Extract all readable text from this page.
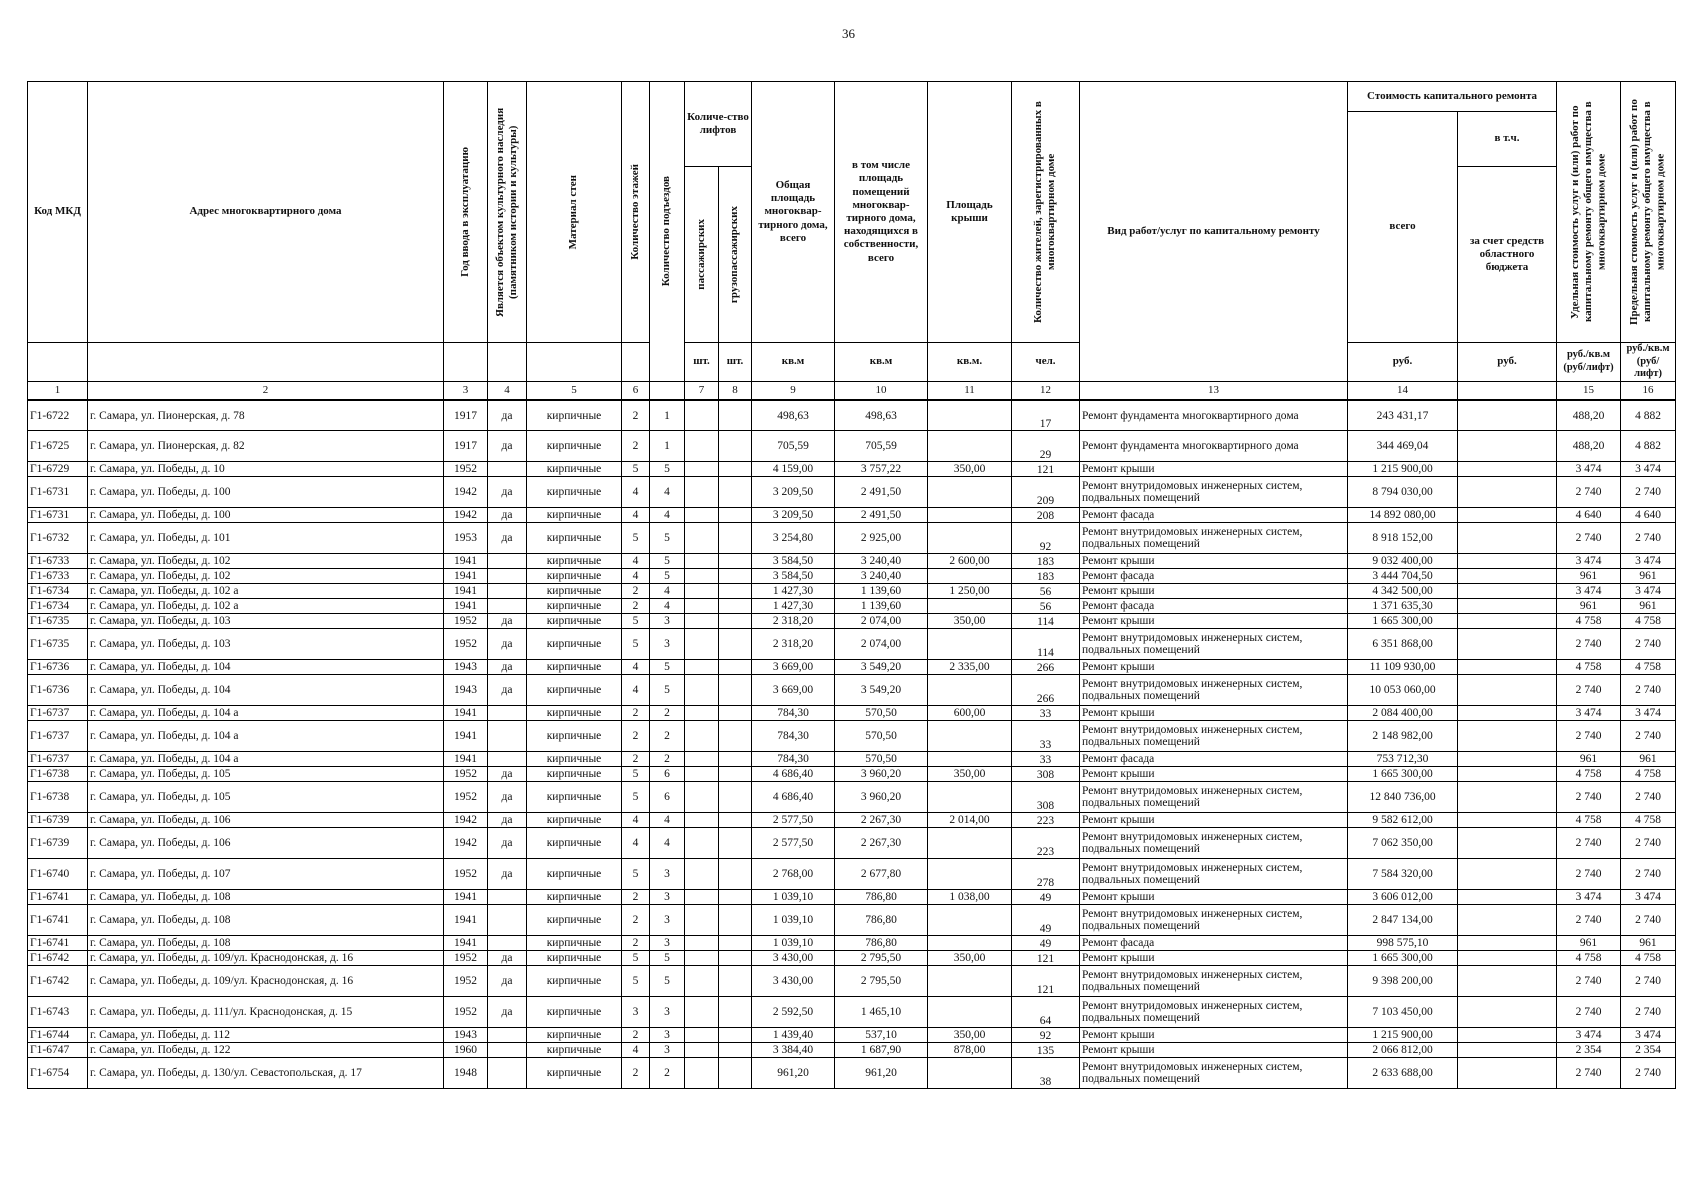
36
Код МКД	Адрес многоквартирного дома	Год ввода в эксплуатацию	Является объектом культурного наследия (памятником истории и культуры)	Материал стен	Количество этажей	Количество подъездов	Количе-ство лифтов		Общая площадь многоквар-тирного дома, всего	в том числе площадь помещений многоквар-тирного дома, находящихся в собственности, всего	Площадь крыши	Количество жителей, зарегистрированных в многоквартирном доме	Вид работ/услуг по капитальному ремонту	Стоимость капитального ремонта		Удельная стоимость услуг и (или) работ по капитальному ремонту общего имущества в многоквартирном доме	Предельная стоимость услуг и (или) работ по капитальному ремонту общего имущества в многоквартирном доме

														всего	в т.ч.		

							пассажирских	грузопассажирских							за счет средств областного бюджета		
							шт.	шт.	кв.м	кв.м	кв.м.	чел.		руб.	руб.	руб./кв.м (руб/лифт)	руб./кв.м (руб/лифт)
1	2	3	4	5	6		7	8	9	10	11	12	13	14		15	16
Г1-6722	г. Самара, ул. Пионерская, д. 78	1917	да	кирпичные	2	1			498,63	498,63		17	Ремонт фундамента многоквартирного дома	243 431,17		488,20	4 882
Г1-6725	г. Самара, ул. Пионерская, д. 82	1917	да	кирпичные	2	1			705,59	705,59		29	Ремонт фундамента многоквартирного дома	344 469,04		488,20	4 882
Г1-6729	г. Самара, ул. Победы, д. 10	1952		кирпичные	5	5			4 159,00	3 757,22	350,00	121	Ремонт крыши	1 215 900,00		3 474	3 474
Г1-6731	г. Самара, ул. Победы, д. 100	1942	да	кирпичные	4	4			3 209,50	2 491,50		209	Ремонт внутридомовых инженерных систем, подвальных помещений	8 794 030,00		2 740	2 740
Г1-6731	г. Самара, ул. Победы, д. 100	1942	да	кирпичные	4	4			3 209,50	2 491,50		208	Ремонт фасада	14 892 080,00		4 640	4 640
Г1-6732	г. Самара, ул. Победы, д. 101	1953	да	кирпичные	5	5			3 254,80	2 925,00		92	Ремонт внутридомовых инженерных систем, подвальных помещений	8 918 152,00		2 740	2 740
Г1-6733	г. Самара, ул. Победы, д. 102	1941		кирпичные	4	5			3 584,50	3 240,40	2 600,00	183	Ремонт крыши	9 032 400,00		3 474	3 474
Г1-6733	г. Самара, ул. Победы, д. 102	1941		кирпичные	4	5			3 584,50	3 240,40		183	Ремонт фасада	3 444 704,50		961	961
Г1-6734	г. Самара, ул. Победы, д. 102 а	1941		кирпичные	2	4			1 427,30	1 139,60	1 250,00	56	Ремонт крыши	4 342 500,00		3 474	3 474
Г1-6734	г. Самара, ул. Победы, д. 102 а	1941		кирпичные	2	4			1 427,30	1 139,60		56	Ремонт фасада	1 371 635,30		961	961
Г1-6735	г. Самара, ул. Победы, д. 103	1952	да	кирпичные	5	3			2 318,20	2 074,00	350,00	114	Ремонт крыши	1 665 300,00		4 758	4 758
Г1-6735	г. Самара, ул. Победы, д. 103	1952	да	кирпичные	5	3			2 318,20	2 074,00		114	Ремонт внутридомовых инженерных систем, подвальных помещений	6 351 868,00		2 740	2 740
Г1-6736	г. Самара, ул. Победы, д. 104	1943	да	кирпичные	4	5			3 669,00	3 549,20	2 335,00	266	Ремонт крыши	11 109 930,00		4 758	4 758
Г1-6736	г. Самара, ул. Победы, д. 104	1943	да	кирпичные	4	5			3 669,00	3 549,20		266	Ремонт внутридомовых инженерных систем, подвальных помещений	10 053 060,00		2 740	2 740
Г1-6737	г. Самара, ул. Победы, д. 104 а	1941		кирпичные	2	2			784,30	570,50	600,00	33	Ремонт крыши	2 084 400,00		3 474	3 474
Г1-6737	г. Самара, ул. Победы, д. 104 а	1941		кирпичные	2	2			784,30	570,50		33	Ремонт внутридомовых инженерных систем, подвальных помещений	2 148 982,00		2 740	2 740
Г1-6737	г. Самара, ул. Победы, д. 104 а	1941		кирпичные	2	2			784,30	570,50		33	Ремонт фасада	753 712,30		961	961
Г1-6738	г. Самара, ул. Победы, д. 105	1952	да	кирпичные	5	6			4 686,40	3 960,20	350,00	308	Ремонт крыши	1 665 300,00		4 758	4 758
Г1-6738	г. Самара, ул. Победы, д. 105	1952	да	кирпичные	5	6			4 686,40	3 960,20		308	Ремонт внутридомовых инженерных систем, подвальных помещений	12 840 736,00		2 740	2 740
Г1-6739	г. Самара, ул. Победы, д. 106	1942	да	кирпичные	4	4			2 577,50	2 267,30	2 014,00	223	Ремонт крыши	9 582 612,00		4 758	4 758
Г1-6739	г. Самара, ул. Победы, д. 106	1942	да	кирпичные	4	4			2 577,50	2 267,30		223	Ремонт внутридомовых инженерных систем, подвальных помещений	7 062 350,00		2 740	2 740
Г1-6740	г. Самара, ул. Победы, д. 107	1952	да	кирпичные	5	3			2 768,00	2 677,80		278	Ремонт внутридомовых инженерных систем, подвальных помещений	7 584 320,00		2 740	2 740
Г1-6741	г. Самара, ул. Победы, д. 108	1941		кирпичные	2	3			1 039,10	786,80	1 038,00	49	Ремонт крыши	3 606 012,00		3 474	3 474
Г1-6741	г. Самара, ул. Победы, д. 108	1941		кирпичные	2	3			1 039,10	786,80		49	Ремонт внутридомовых инженерных систем, подвальных помещений	2 847 134,00		2 740	2 740
Г1-6741	г. Самара, ул. Победы, д. 108	1941		кирпичные	2	3			1 039,10	786,80		49	Ремонт фасада	998 575,10		961	961
Г1-6742	г. Самара, ул. Победы, д. 109/ул. Краснодонская, д. 16	1952	да	кирпичные	5	5			3 430,00	2 795,50	350,00	121	Ремонт крыши	1 665 300,00		4 758	4 758
Г1-6742	г. Самара, ул. Победы, д. 109/ул. Краснодонская, д. 16	1952	да	кирпичные	5	5			3 430,00	2 795,50		121	Ремонт внутридомовых инженерных систем, подвальных помещений	9 398 200,00		2 740	2 740
Г1-6743	г. Самара, ул. Победы, д. 111/ул. Краснодонская, д. 15	1952	да	кирпичные	3	3			2 592,50	1 465,10		64	Ремонт внутридомовых инженерных систем, подвальных помещений	7 103 450,00		2 740	2 740
Г1-6744	г. Самара, ул. Победы, д. 112	1943		кирпичные	2	3			1 439,40	537,10	350,00	92	Ремонт крыши	1 215 900,00		3 474	3 474
Г1-6747	г. Самара, ул. Победы, д. 122	1960		кирпичные	4	3			3 384,40	1 687,90	878,00	135	Ремонт крыши	2 066 812,00		2 354	2 354
Г1-6754	г. Самара, ул. Победы, д. 130/ул. Севастопольская, д. 17	1948		кирпичные	2	2			961,20	961,20		38	Ремонт внутридомовых инженерных систем, подвальных помещений	2 633 688,00		2 740	2 740
